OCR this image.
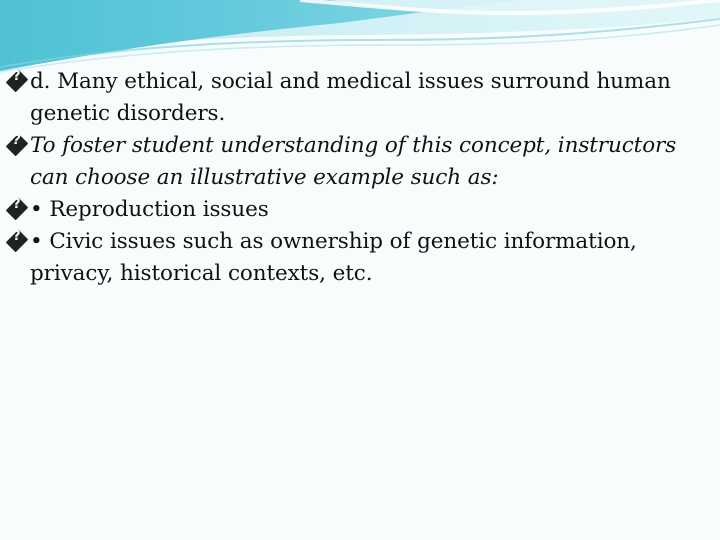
?d. Many ethical, social and medical issues surround human
genetic disorders.
?To foster student understanding of this concept, instructors
can choose an illustrative example such as:
?• Reproduction issues
?• Civic issues such as ownership of genetic information,
privacy, historical contexts, etc.
